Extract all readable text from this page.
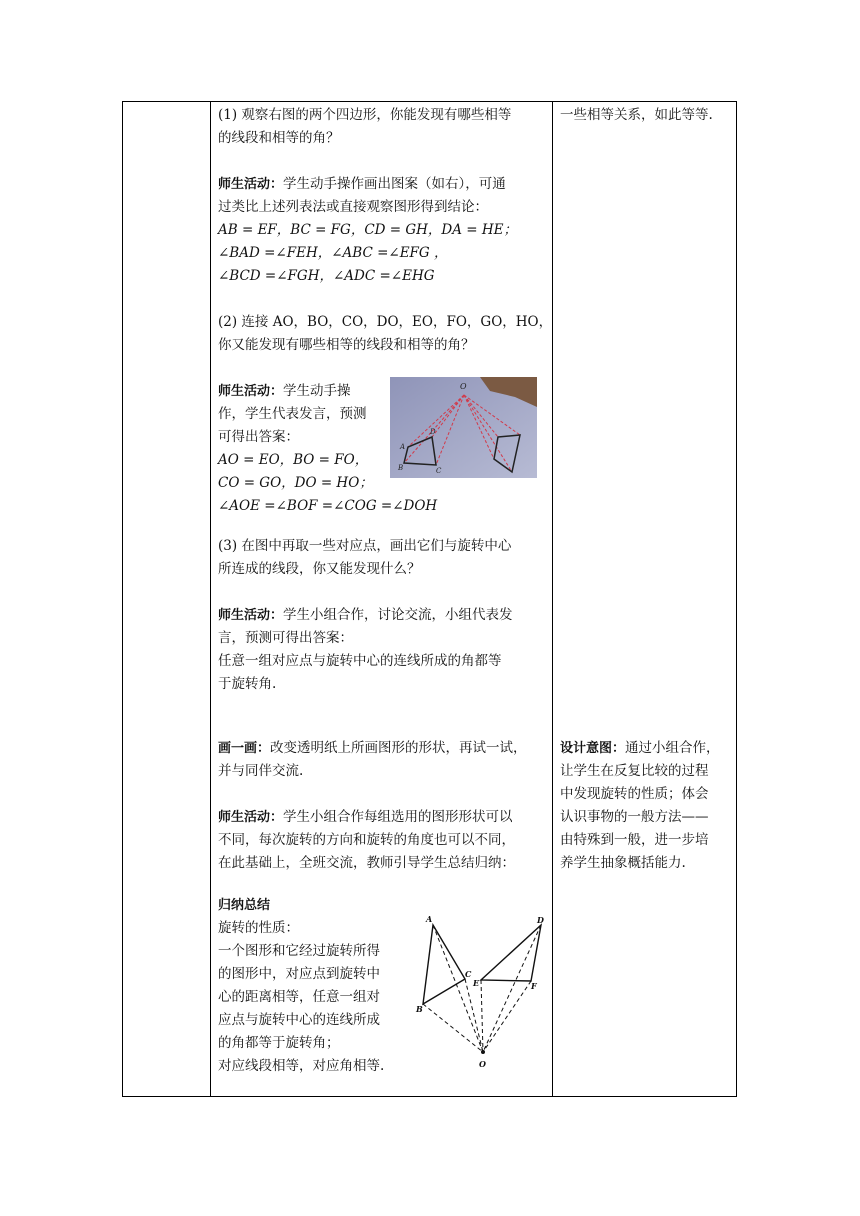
(1) 观察右图的两个四边形，你能发现有哪些相等
的线段和相等的角？
师生活动：学生动手操作画出图案（如右），可通
过类比上述列表法或直接观察图形得到结论：
AB = EF，BC = FG，CD = GH，DA = HE；
∠BAD =∠FEH，∠ABC =∠EFG ，
∠BCD =∠FGH，∠ADC =∠EHG
(2) 连接 AO，BO，CO，DO，EO，FO，GO，HO，
你又能发现有哪些相等的线段和相等的角？
师生活动：学生动手操
作，学生代表发言，预测
可得出答案：
AO = EO，BO = FO，
CO = GO，DO = HO；
∠AOE =∠BOF =∠COG =∠DOH
O
A
B	C
D
(3) 在图中再取一些对应点，画出它们与旋转中心
所连成的线段，你又能发现什么？
师生活动：学生小组合作，讨论交流，小组代表发
言，预测可得出答案：
任意一组对应点与旋转中心的连线所成的角都等
于旋转角.
画一画：改变透明纸上所画图形的形状，再试一试，
并与同伴交流.
师生活动：学生小组合作每组选用的图形形状可以
不同，每次旋转的方向和旋转的角度也可以不同，
在此基础上，全班交流，教师引导学生总结归纳：
归纳总结
旋转的性质：
一个图形和它经过旋转所得
的图形中，对应点到旋转中
心的距离相等，任意一组对
应点与旋转中心的连线所成
的角都等于旋转角；
对应线段相等，对应角相等.
A
B
C
D
E	F
O
一些相等关系，如此等等.
设计意图：通过小组合作，
让学生在反复比较的过程
中发现旋转的性质；体会
认识事物的一般方法——
由特殊到一般，进一步培
养学生抽象概括能力.
